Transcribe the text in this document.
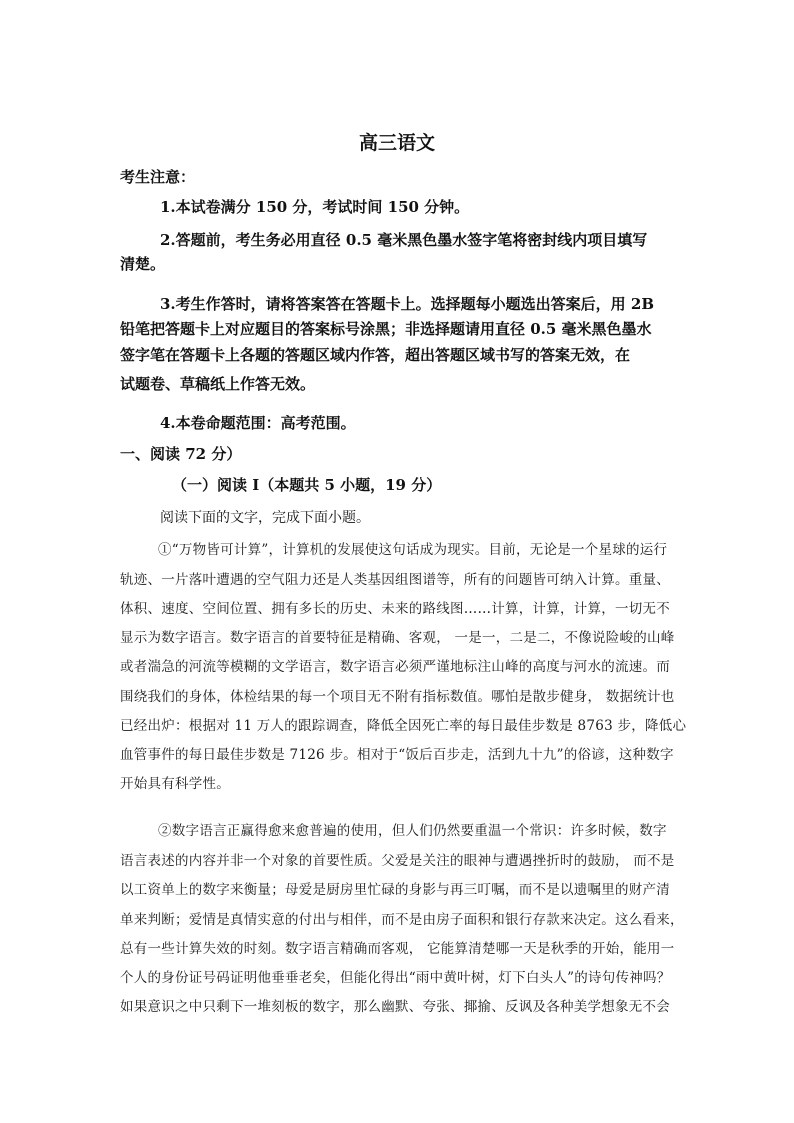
高三语文
考生注意：
1.本试卷满分 150 分，考试时间 150 分钟。
2.答题前，考生务必用直径 0.5 毫米黑色墨水签字笔将密封线内项目填写
清楚。
3.考生作答时，请将答案答在答题卡上。选择题每小题选出答案后，用 2B
铅笔把答题卡上对应题目的答案标号涂黑；非选择题请用直径 0.5 毫米黑色墨水
签字笔在答题卡上各题的答题区域内作答，超出答题区域书写的答案无效，在
试题卷、草稿纸上作答无效。
4.本卷命题范围：高考范围。
一、阅读 72 分）
（一）阅读 I（本题共 5 小题，19 分）
阅读下面的文字，完成下面小题。
①“万物皆可计算”，计算机的发展使这句话成为现实。目前，无论是一个星球的运行
轨迹、一片落叶遭遇的空气阻力还是人类基因组图谱等，所有的问题皆可纳入计算。重量、
体积、速度、空间位置、拥有多长的历史、未来的路线图……计算，计算，计算，一切无不
显示为数字语言。数字语言的首要特征是精确、客观， 一是一，二是二，不像说险峻的山峰
或者湍急的河流等模糊的文学语言，数字语言必须严谨地标注山峰的高度与河水的流速。而
围绕我们的身体，体检结果的每一个项目无不附有指标数值。哪怕是散步健身， 数据统计也
已经出炉：根据对 11 万人的跟踪调查，降低全因死亡率的每日最佳步数是 8763 步，降低心
血管事件的每日最佳步数是 7126 步。相对于“饭后百步走，活到九十九”的俗谚，这种数字
开始具有科学性。
②数字语言正赢得愈来愈普遍的使用，但人们仍然要重温一个常识：许多时候，数字
语言表述的内容并非一个对象的首要性质。父爱是关注的眼神与遭遇挫折时的鼓励， 而不是
以工资单上的数字来衡量；母爱是厨房里忙碌的身影与再三叮嘱，而不是以遗嘱里的财产清
单来判断；爱情是真情实意的付出与相伴，而不是由房子面积和银行存款来决定。这么看来，
总有一些计算失效的时刻。数字语言精确而客观， 它能算清楚哪一天是秋季的开始，能用一
个人的身份证号码证明他垂垂老矣，但能化得出“雨中黄叶树，灯下白头人”的诗句传神吗？
如果意识之中只剩下一堆刻板的数字，那么幽默、夸张、揶揄、反讽及各种美学想象无不会
